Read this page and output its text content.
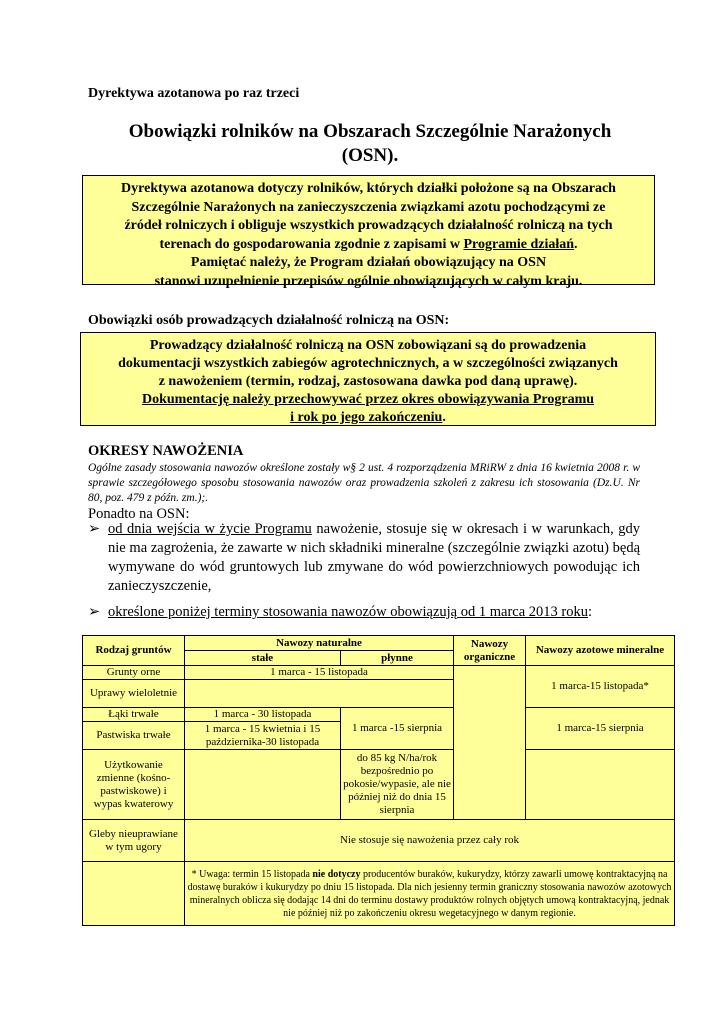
Dyrektywa azotanowa po raz trzeci
Obowiązki rolników na Obszarach Szczególnie Narażonych
(OSN).
Dyrektywa azotanowa dotyczy rolników, których działki położone są na Obszarach
Szczególnie Narażonych na zanieczyszczenia związkami azotu pochodzącymi ze
źródeł rolniczych i obliguje wszystkich prowadzących działalność rolniczą na tych
terenach do gospodarowania zgodnie z zapisami w Programie działań.
Pamiętać należy, że Program działań obowiązujący na OSN
stanowi uzupełnienie przepisów ogólnie obowiązujących w całym kraju.
Obowiązki osób prowadzących działalność rolniczą na OSN:
Prowadzący działalność rolniczą na OSN zobowiązani są do prowadzenia
dokumentacji wszystkich zabiegów agrotechnicznych, a w szczególności związanych
z nawożeniem (termin, rodzaj, zastosowana dawka pod daną uprawę).
Dokumentację należy przechowywać przez okres obowiązywania Programu
i rok po jego zakończeniu.
OKRESY NAWOŻENIA
Ogólne zasady stosowania nawozów określone zostały w§ 2 ust. 4 rozporządzenia MRiRW z dnia 16 kwietnia 2008 r. w sprawie szczegółowego sposobu stosowania nawozów oraz prowadzenia szkoleń z zakresu ich stosowania (Dz.U. Nr 80, poz. 479 z późn. zm.);.
Ponadto na OSN:
➢ od dnia wejścia w życie Programu nawożenie, stosuje się w okresach i w warunkach, gdy nie ma zagrożenia, że zawarte w nich składniki mineralne (szczególnie związki azotu) będą wymywane do wód gruntowych lub zmywane do wód powierzchniowych powodując ich zanieczyszczenie,
➢ określone poniżej terminy stosowania nawozów obowiązują od 1 marca 2013 roku:
Rodzaj gruntów	Nawozy naturalne		Nawozy organiczne	Nawozy azotowe mineralne
	stałe	płynne		
Grunty orne	1 marca - 15 listopada			1 marca-15 listopada*
Uprawy wieloletnie				
Łąki trwałe	1 marca - 30 listopada	1 marca -15 sierpnia		1 marca-15 sierpnia
Pastwiska trwałe	1 marca - 15 kwietnia i 15 października-30 listopada			
Użytkowanie zmienne (kośno-pastwiskowe) i wypas kwaterowy		do 85 kg N/ha/rok bezpośrednio po pokosie/wypasie, ale nie później niż do dnia 15 sierpnia		
Gleby nieuprawiane w tym ugory	Nie stosuje się nawożenia przez cały rok			
	* Uwaga: termin 15 listopada nie dotyczy producentów buraków, kukurydzy, którzy zawarli umowę kontraktacyjną na dostawę buraków i kukurydzy po dniu 15 listopada. Dla nich jesienny termin graniczny stosowania nawozów azotowych mineralnych oblicza się dodając 14 dni do terminu dostawy produktów rolnych objętych umową kontraktacyjną, jednak nie później niż po zakończeniu okresu wegetacyjnego w danym regionie.			
